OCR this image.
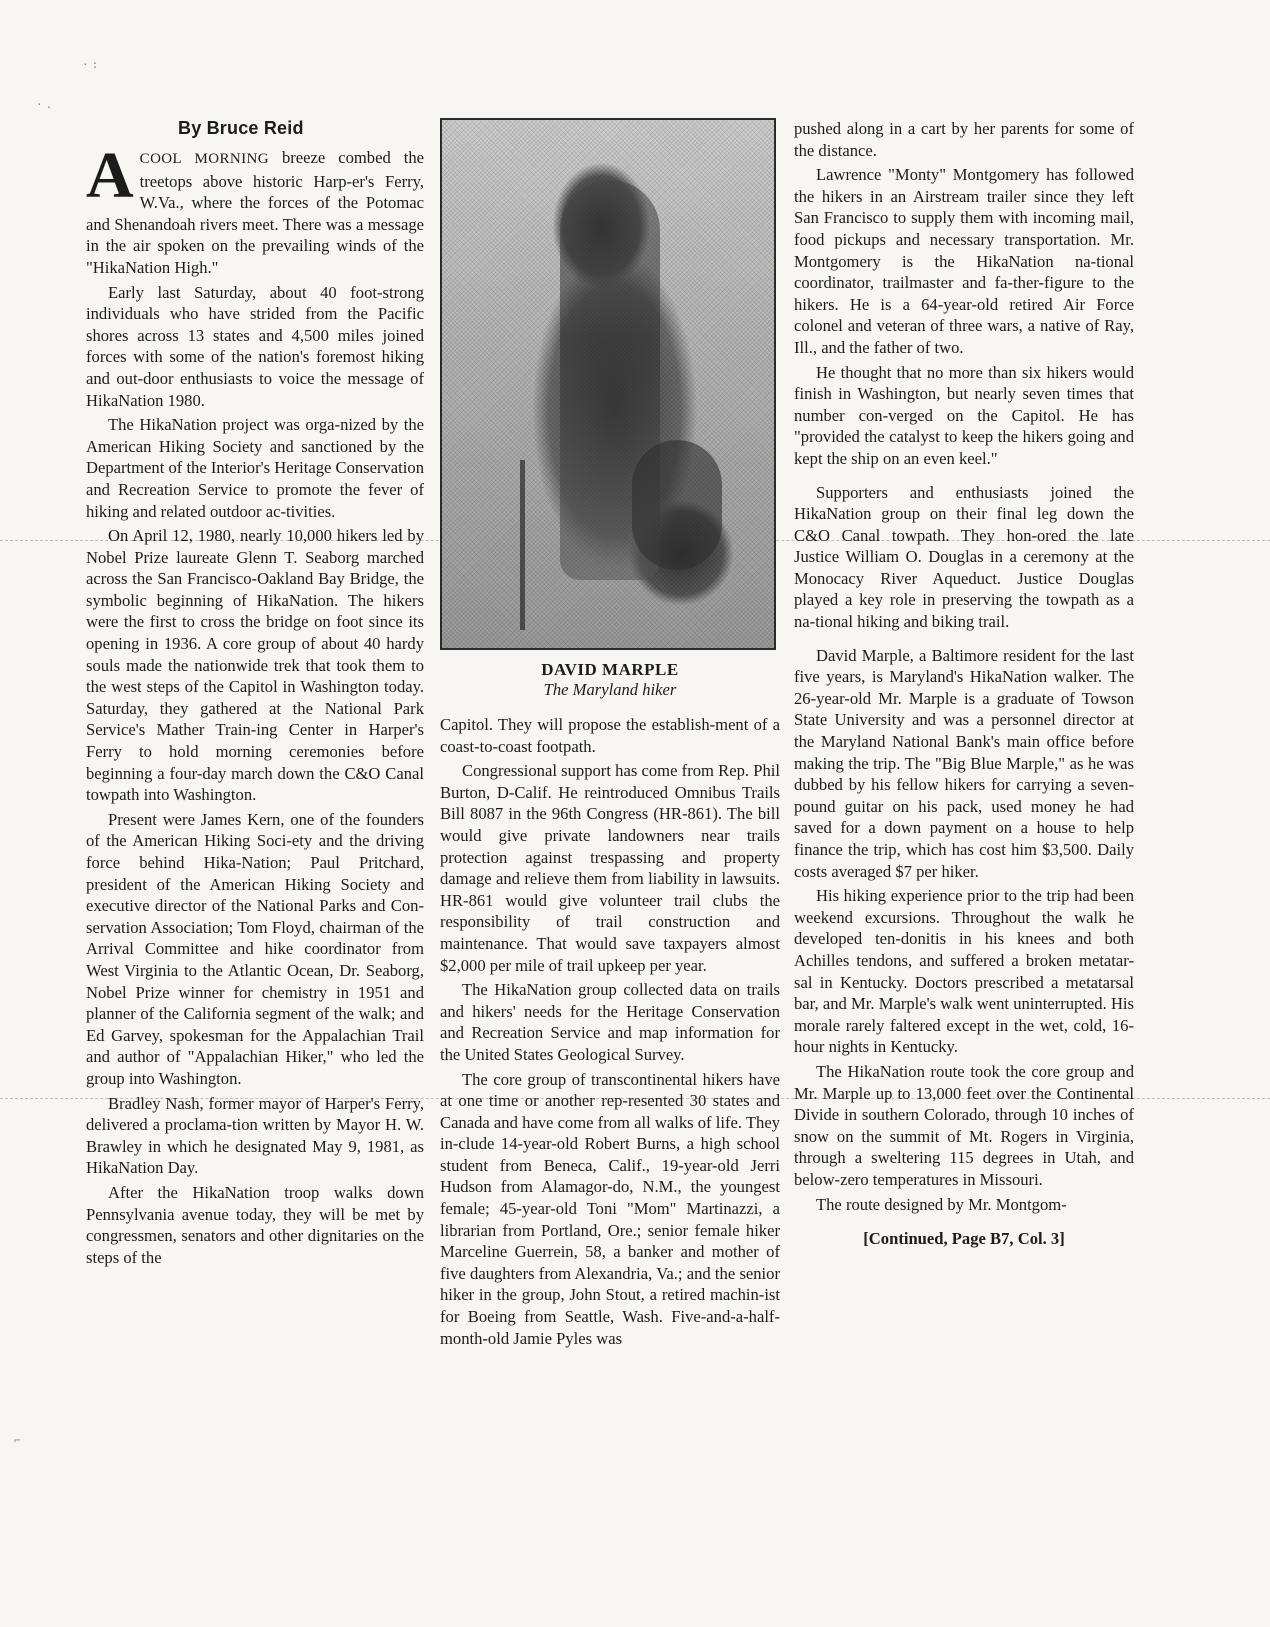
·:
·.
⌐
By Bruce Reid

ACOOL MORNING breeze combed the treetops above historic Harp-er's Ferry, W.Va., where the forces of the Potomac and Shenandoah rivers meet. There was a message in the air spoken on the prevailing winds of the "HikaNation High."

Early last Saturday, about 40 foot-strong individuals who have strided from the Pacific shores across 13 states and 4,500 miles joined forces with some of the nation's foremost hiking and out-door enthusiasts to voice the message of HikaNation 1980.

The HikaNation project was orga-nized by the American Hiking Society and sanctioned by the Department of the Interior's Heritage Conservation and Recreation Service to promote the fever of hiking and related outdoor ac-tivities.

On April 12, 1980, nearly 10,000 hikers led by Nobel Prize laureate Glenn T. Seaborg marched across the San Francisco-Oakland Bay Bridge, the symbolic beginning of HikaNation. The hikers were the first to cross the bridge on foot since its opening in 1936. A core group of about 40 hardy souls made the nationwide trek that took them to the west steps of the Capitol in Washington today. Saturday, they gathered at the National Park Service's Mather Train-ing Center in Harper's Ferry to hold morning ceremonies before beginning a four-day march down the C&O Canal towpath into Washington.

Present were James Kern, one of the founders of the American Hiking Soci-ety and the driving force behind Hika-Nation; Paul Pritchard, president of the American Hiking Society and executive director of the National Parks and Con-servation Association; Tom Floyd, chairman of the Arrival Committee and hike coordinator from West Virginia to the Atlantic Ocean, Dr. Seaborg, Nobel Prize winner for chemistry in 1951 and planner of the California segment of the walk; and Ed Garvey, spokesman for the Appalachian Trail and author of "Appalachian Hiker," who led the group into Washington.

Bradley Nash, former mayor of Harper's Ferry, delivered a proclama-tion written by Mayor H. W. Brawley in which he designated May 9, 1981, as HikaNation Day.

After the HikaNation troop walks down Pennsylvania avenue today, they will be met by congressmen, senators and other dignitaries on the steps of the

DAVID MARPLE
The Maryland hiker

Capitol. They will propose the establish-ment of a coast-to-coast footpath.

Congressional support has come from Rep. Phil Burton, D-Calif. He reintroduced Omnibus Trails Bill 8087 in the 96th Congress (HR-861). The bill would give private landowners near trails protection against trespassing and property damage and relieve them from liability in lawsuits. HR-861 would give volunteer trail clubs the responsibility of trail construction and maintenance. That would save taxpayers almost $2,000 per mile of trail upkeep per year.

The HikaNation group collected data on trails and hikers' needs for the Heritage Conservation and Recreation Service and map information for the United States Geological Survey.

The core group of transcontinental hikers have at one time or another rep-resented 30 states and Canada and have come from all walks of life. They in-clude 14-year-old Robert Burns, a high school student from Beneca, Calif., 19-year-old Jerri Hudson from Alamagor-do, N.M., the youngest female; 45-year-old Toni "Mom" Martinazzi, a librarian from Portland, Ore.; senior female hiker Marceline Guerrein, 58, a banker and mother of five daughters from Alexandria, Va.; and the senior hiker in the group, John Stout, a retired machin-ist for Boeing from Seattle, Wash. Five-and-a-half-month-old Jamie Pyles was

pushed along in a cart by her parents for some of the distance.

Lawrence "Monty" Montgomery has followed the hikers in an Airstream trailer since they left San Francisco to supply them with incoming mail, food pickups and necessary transportation. Mr. Montgomery is the HikaNation na-tional coordinator, trailmaster and fa-ther-figure to the hikers. He is a 64-year-old retired Air Force colonel and veteran of three wars, a native of Ray, Ill., and the father of two.

He thought that no more than six hikers would finish in Washington, but nearly seven times that number con-verged on the Capitol. He has "provided the catalyst to keep the hikers going and kept the ship on an even keel."

Supporters and enthusiasts joined the HikaNation group on their final leg down the C&O Canal towpath. They hon-ored the late Justice William O. Douglas in a ceremony at the Monocacy River Aqueduct. Justice Douglas played a key role in preserving the towpath as a na-tional hiking and biking trail.

David Marple, a Baltimore resident for the last five years, is Maryland's HikaNation walker. The 26-year-old Mr. Marple is a graduate of Towson State University and was a personnel director at the Maryland National Bank's main office before making the trip. The "Big Blue Marple," as he was dubbed by his fellow hikers for carrying a seven-pound guitar on his pack, used money he had saved for a down payment on a house to help finance the trip, which has cost him $3,500. Daily costs averaged $7 per hiker.

His hiking experience prior to the trip had been weekend excursions. Throughout the walk he developed ten-donitis in his knees and both Achilles tendons, and suffered a broken metatar-sal in Kentucky. Doctors prescribed a metatarsal bar, and Mr. Marple's walk went uninterrupted. His morale rarely faltered except in the wet, cold, 16-hour nights in Kentucky.

The HikaNation route took the core group and Mr. Marple up to 13,000 feet over the Continental Divide in southern Colorado, through 10 inches of snow on the summit of Mt. Rogers in Virginia, through a sweltering 115 degrees in Utah, and below-zero temperatures in Missouri.

The route designed by Mr. Montgom-

[Continued, Page B7, Col. 3]
